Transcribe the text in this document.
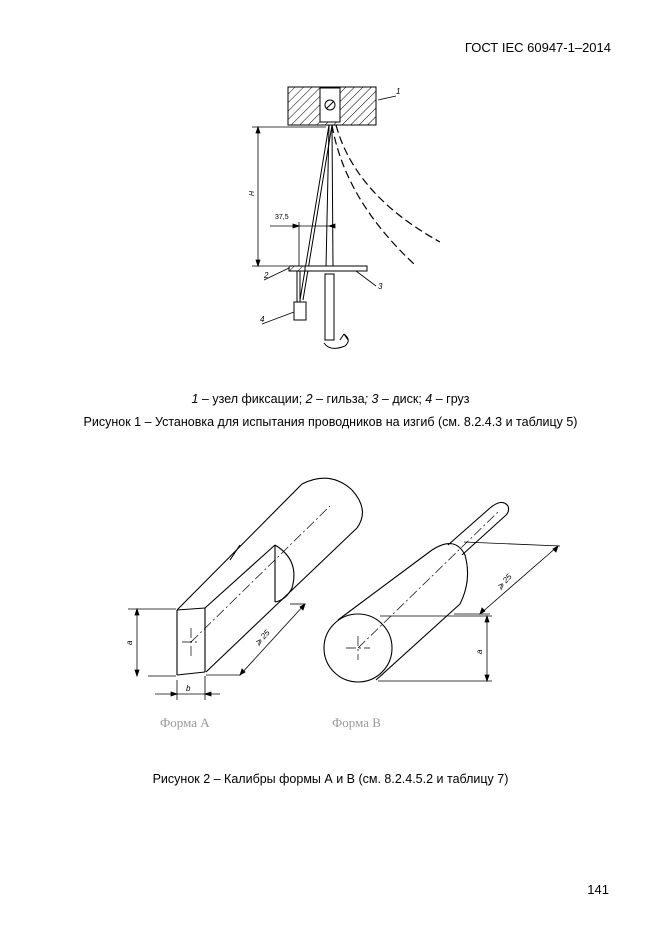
ГОСТ IEC 60947-1–2014
1
H
37,5
2
3
4
1 – узел фиксации; 2 – гильза; 3 – диск; 4 – груз
Рисунок 1 – Установка для испытания проводников на изгиб (см. 8.2.4.3 и таблицу 5)
a
b
⩾ 25
⩾ 25
a
Форма А	Форма В
Рисунок 2 – Калибры формы А и В (см. 8.2.4.5.2 и таблицу 7)
141
